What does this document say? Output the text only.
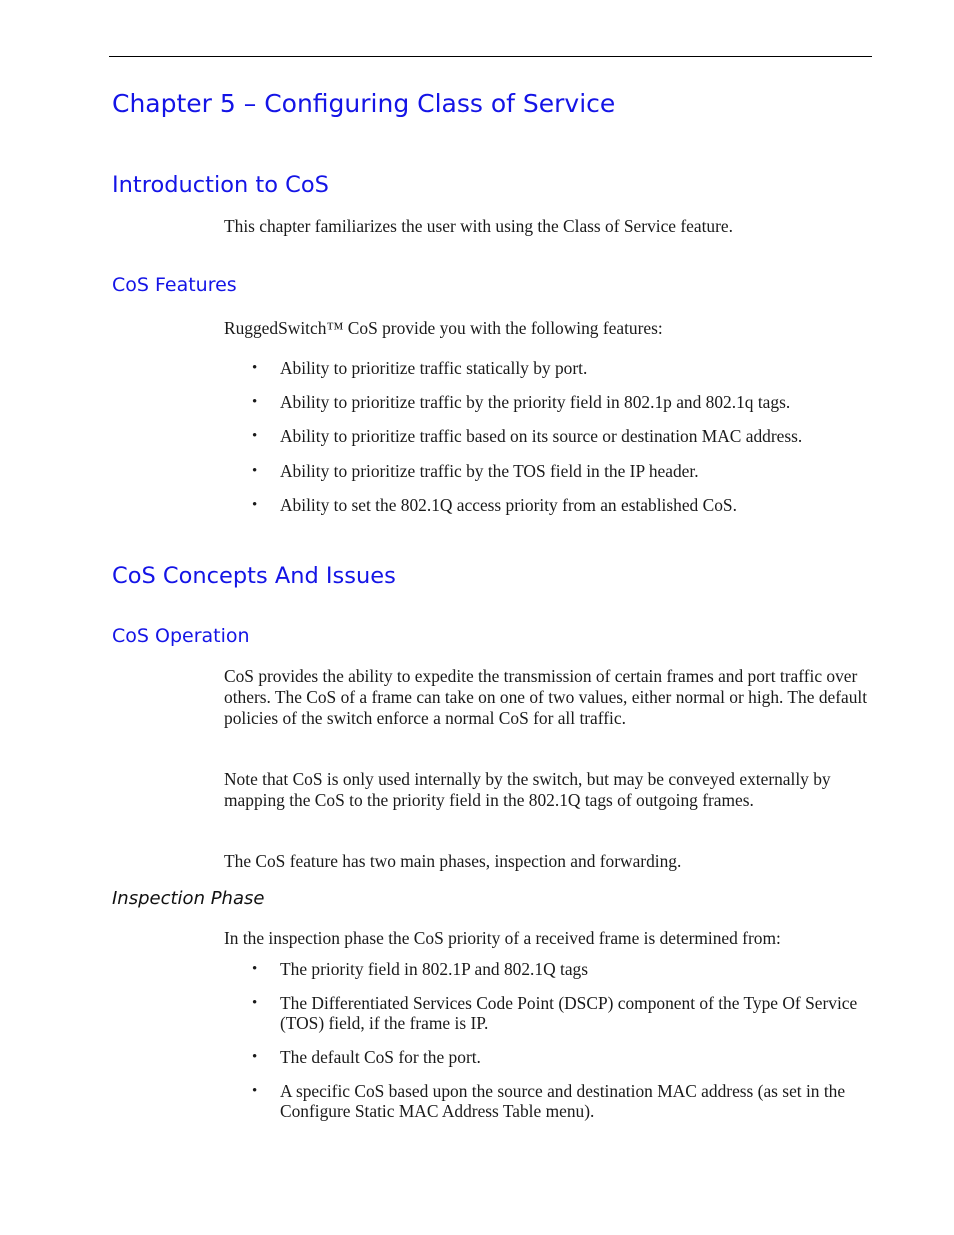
Chapter 5 – Configuring Class of Service
Introduction to CoS

This chapter familiarizes the user with using the Class of Service feature.

CoS Features

RuggedSwitch™ CoS provide you with the following features:

• Ability to prioritize traffic statically by port.
• Ability to prioritize traffic by the priority field in 802.1p and 802.1q tags.
• Ability to prioritize traffic based on its source or destination MAC address.
• Ability to prioritize traffic by the TOS field in the IP header.
• Ability to set the 802.1Q access priority from an established CoS.
CoS Concepts And Issues
CoS Operation

CoS provides the ability to expedite the transmission of certain frames and port traffic over others. The CoS of a frame can take on one of two values, either normal or high. The default policies of the switch enforce a normal CoS for all traffic.

Note that CoS is only used internally by the switch, but may be conveyed externally by mapping the CoS to the priority field in the 802.1Q tags of outgoing frames.

The CoS feature has two main phases, inspection and forwarding.

Inspection Phase

In the inspection phase the CoS priority of a received frame is determined from:

• The priority field in 802.1P and 802.1Q tags
• The Differentiated Services Code Point (DSCP) component of the Type Of Service (TOS) field, if the frame is IP.
• The default CoS for the port.
• A specific CoS based upon the source and destination MAC address (as set in the Configure Static MAC Address Table menu).
